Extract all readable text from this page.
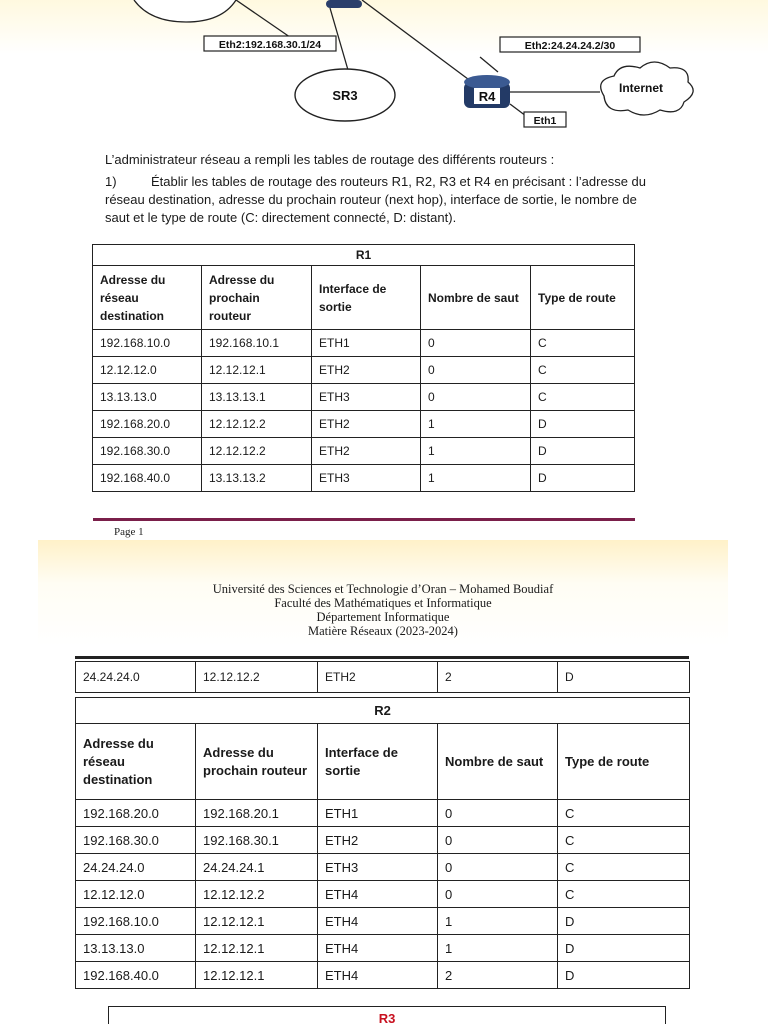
Eth2:192.168.30.1/24	Eth2:24.24.24.2/30
SR3	R4
Internet
Eth1
L’administrateur réseau a rempli les tables de routage des différents routeurs :
1)	Établir les tables de routage des routeurs R1, R2, R3 et R4 en précisant : l’adresse du réseau destination, adresse du prochain routeur (next hop), interface de sortie, le nombre de saut et le type de route (C: directement connecté, D: distant).
R1				
Adresse du réseau destination	Adresse du prochain routeur	Interface de sortie	Nombre de saut	Type de route
192.168.10.0	192.168.10.1	ETH1	0	C
12.12.12.0	12.12.12.1	ETH2	0	C
13.13.13.0	13.13.13.1	ETH3	0	C
192.168.20.0	12.12.12.2	ETH2	1	D
192.168.30.0	12.12.12.2	ETH2	1	D
192.168.40.0	13.13.13.2	ETH3	1	D
Page 1
Université des Sciences et Technologie d’Oran – Mohamed Boudiaf
Faculté des Mathématiques et Informatique
Département Informatique
Matière Réseaux (2023-2024)
24.24.24.0	12.12.12.2	ETH2	2	D
R2				
Adresse du réseau destination	Adresse du prochain routeur	Interface de sortie	Nombre de saut	Type de route
192.168.20.0	192.168.20.1	ETH1	0	C
192.168.30.0	192.168.30.1	ETH2	0	C
24.24.24.0	24.24.24.1	ETH3	0	C
12.12.12.0	12.12.12.2	ETH4	0	C
192.168.10.0	12.12.12.1	ETH4	1	D
13.13.13.0	12.12.12.1	ETH4	1	D
192.168.40.0	12.12.12.1	ETH4	2	D
R3
